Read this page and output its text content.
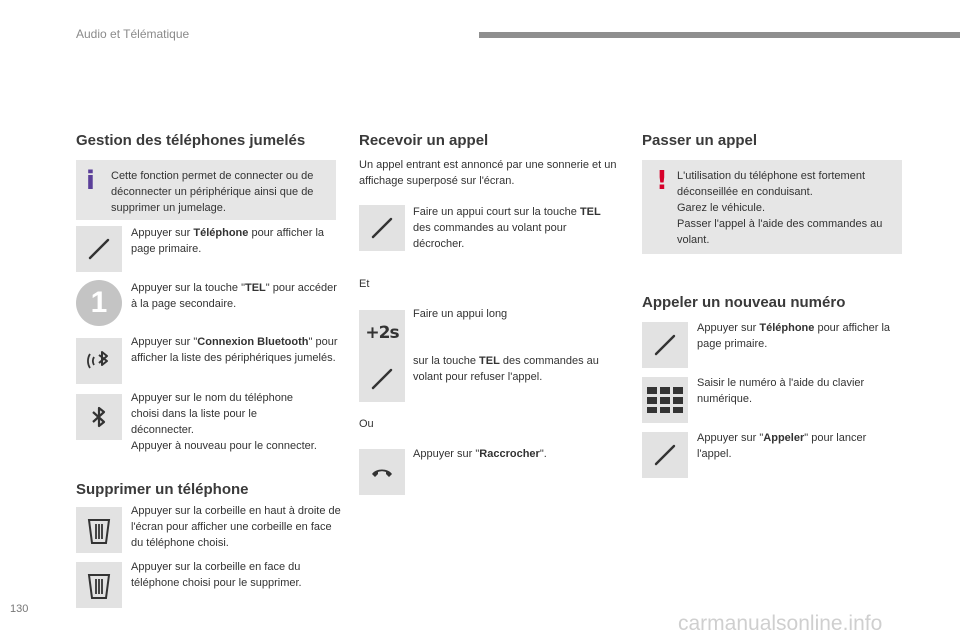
Audio et Télématique
Gestion des téléphones jumelés
i Cette fonction permet de connecter ou de déconnecter un périphérique ainsi que de supprimer un jumelage.
Appuyer sur Téléphone pour afficher la page primaire.
1	Appuyer sur la touche "TEL" pour accéder à la page secondaire.
Appuyer sur "Connexion Bluetooth" pour afficher la liste des périphériques jumelés.
Appuyer sur le nom du téléphone choisi dans la liste pour le déconnecter.
Appuyer à nouveau pour le connecter.
Supprimer un téléphone
Appuyer sur la corbeille en haut à droite de l'écran pour afficher une corbeille en face du téléphone choisi.
Appuyer sur la corbeille en face du téléphone choisi pour le supprimer.
Recevoir un appel
Un appel entrant est annoncé par une sonnerie et un affichage superposé sur l'écran.
Faire un appui court sur la touche TEL des commandes au volant pour décrocher.
Et
+2s
Faire un appui long
sur la touche TEL des commandes au volant pour refuser l'appel.
Ou
Appuyer sur "Raccrocher".
Passer un appel
! L'utilisation du téléphone est fortement déconseillée en conduisant.
Garez le véhicule.
Passer l'appel à l'aide des commandes au volant.
Appeler un nouveau numéro
Appuyer sur Téléphone pour afficher la page primaire.
Saisir le numéro à l'aide du clavier numérique.
Appuyer sur "Appeler" pour lancer l'appel.
130
carmanualsonline.info
